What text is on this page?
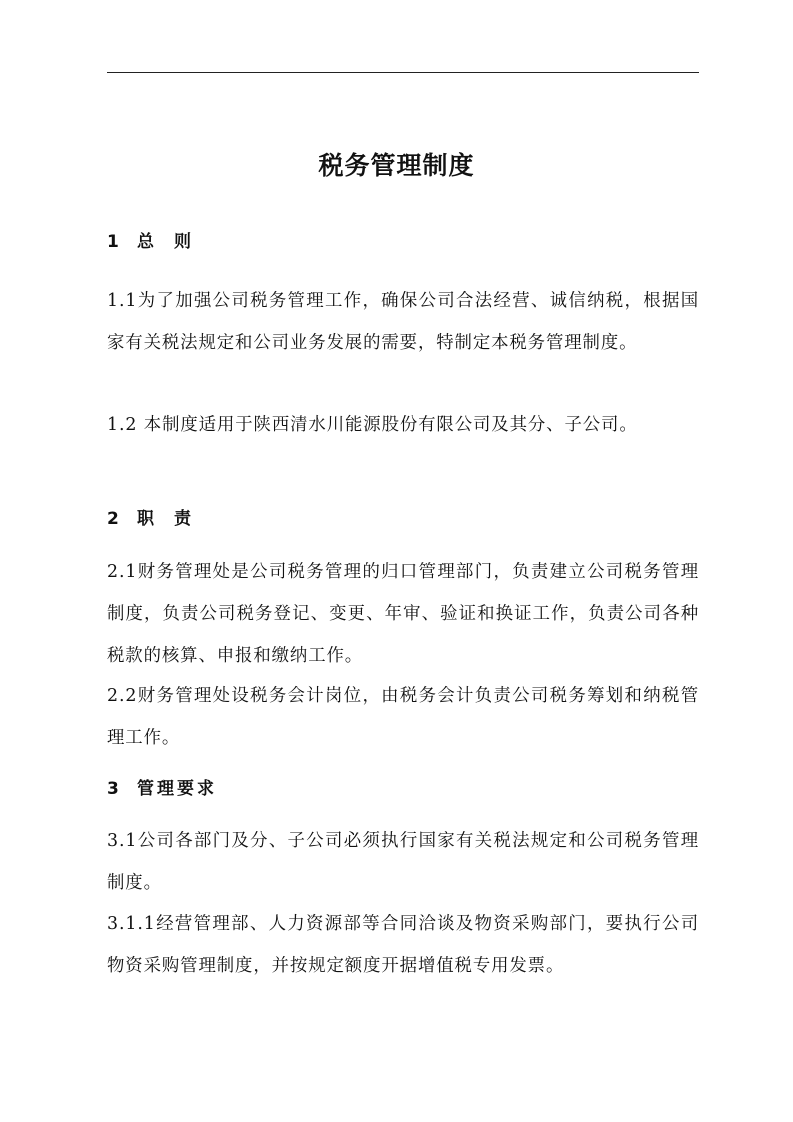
税务管理制度
1 总则
1.1为了加强公司税务管理工作，确保公司合法经营、诚信纳税，根据国家有关税法规定和公司业务发展的需要，特制定本税务管理制度。
1.2 本制度适用于陕西清水川能源股份有限公司及其分、子公司。
2 职责
2.1财务管理处是公司税务管理的归口管理部门，负责建立公司税务管理制度，负责公司税务登记、变更、年审、验证和换证工作，负责公司各种税款的核算、申报和缴纳工作。
2.2财务管理处设税务会计岗位，由税务会计负责公司税务筹划和纳税管理工作。
3 管理要求
3.1公司各部门及分、子公司必须执行国家有关税法规定和公司税务管理制度。
3.1.1经营管理部、人力资源部等合同洽谈及物资采购部门，要执行公司物资采购管理制度，并按规定额度开据增值税专用发票。
